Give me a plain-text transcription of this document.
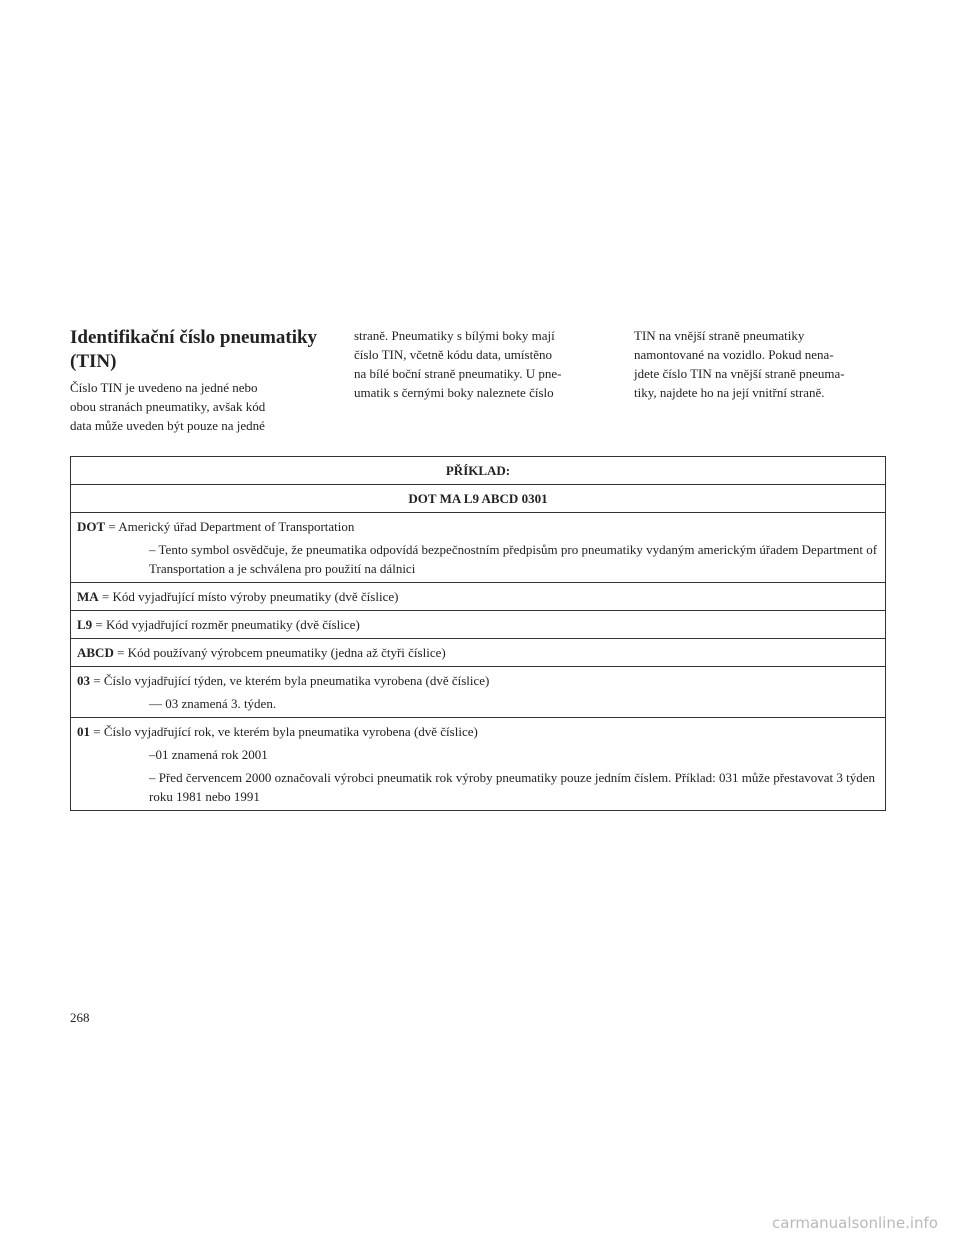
Identifikační číslo pneumatiky
(TIN)

Číslo TIN je uvedeno na jedné nebo
obou stranách pneumatiky, avšak kód
data může uveden být pouze na jedné

straně. Pneumatiky s bílými boky mají
číslo TIN, včetně kódu data, umístěno
na bílé boční straně pneumatiky. U pne-
umatik s černými boky naleznete číslo

TIN na vnější straně pneumatiky
namontované na vozidlo. Pokud nena-
jdete číslo TIN na vnější straně pneuma-
tiky, najdete ho na její vnitřní straně.

PŘÍKLAD:
DOT MA L9 ABCD 0301
DOT = Americký úřad Department of Transportation
– Tento symbol osvědčuje, že pneumatika odpovídá bezpečnostním předpisům pro pneumatiky vydaným americkým úřadem Department of Transportation a je schválena pro použití na dálnici

MA = Kód vyjadřující místo výroby pneumatiky (dvě číslice)
L9 = Kód vyjadřující rozměr pneumatiky (dvě číslice)
ABCD = Kód používaný výrobcem pneumatiky (jedna až čtyři číslice)
03 = Číslo vyjadřující týden, ve kterém byla pneumatika vyrobena (dvě číslice)
— 03 znamená 3. týden.

01 = Číslo vyjadřující rok, ve kterém byla pneumatika vyrobena (dvě číslice)
–01 znamená rok 2001
– Před červencem 2000 označovali výrobci pneumatik rok výroby pneumatiky pouze jedním číslem. Příklad: 031 může přestavovat 3 týden roku 1981 nebo 1991
268
carmanualsonline.info
